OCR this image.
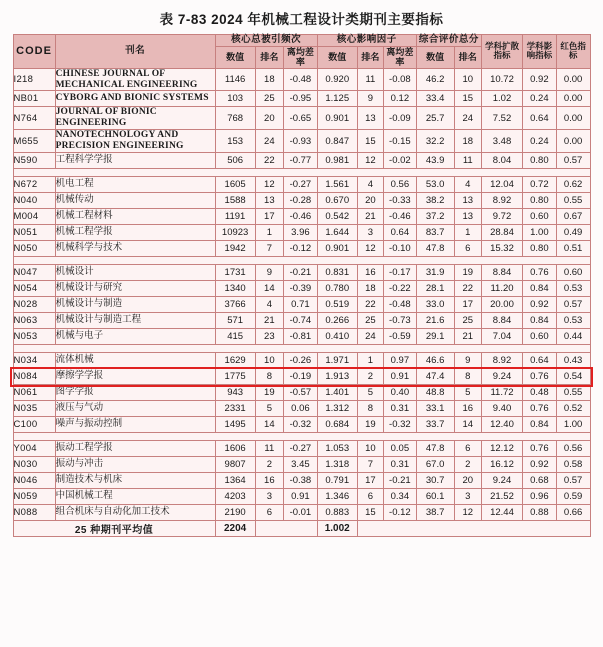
表 7-83 2024 年机械工程设计类期刊主要指标
CODE	刊名	核心总被引频次			核心影响因子			综合评价总分		学科扩散指标	学科影响指标	红色指标
		数值	排名	离均差率	数值	排名	离均差率	数值	排名			
I218	CHINESE JOURNAL OF MECHANICAL ENGINEERING	1146	18	-0.48	0.920	11	-0.08	46.2	10	10.72	0.92	0.00
NB01	CYBORG AND BIONIC SYSTEMS	103	25	-0.95	1.125	9	0.12	33.4	15	1.02	0.24	0.00
N764	JOURNAL OF BIONIC ENGINEERING	768	20	-0.65	0.901	13	-0.09	25.7	24	7.52	0.64	0.00
M655	NANOTECHNOLOGY AND PRECISION ENGINEERING	153	24	-0.93	0.847	15	-0.15	32.2	18	3.48	0.24	0.00
N590	工程科学学报	506	22	-0.77	0.981	12	-0.02	43.9	11	8.04	0.80	0.57

N672	机电工程	1605	12	-0.27	1.561	4	0.56	53.0	4	12.04	0.72	0.62
N040	机械传动	1588	13	-0.28	0.670	20	-0.33	38.2	13	8.92	0.80	0.55
M004	机械工程材料	1191	17	-0.46	0.542	21	-0.46	37.2	13	9.72	0.60	0.67
N051	机械工程学报	10923	1	3.96	1.644	3	0.64	83.7	1	28.84	1.00	0.49
N050	机械科学与技术	1942	7	-0.12	0.901	12	-0.10	47.8	6	15.32	0.80	0.51

N047	机械设计	1731	9	-0.21	0.831	16	-0.17	31.9	19	8.84	0.76	0.60
N054	机械设计与研究	1340	14	-0.39	0.780	18	-0.22	28.1	22	11.20	0.84	0.53
N028	机械设计与制造	3766	4	0.71	0.519	22	-0.48	33.0	17	20.00	0.92	0.57
N063	机械设计与制造工程	571	21	-0.74	0.266	25	-0.73	21.6	25	8.84	0.84	0.53
N053	机械与电子	415	23	-0.81	0.410	24	-0.59	29.1	21	7.04	0.60	0.44

N034	流体机械	1629	10	-0.26	1.971	1	0.97	46.6	9	8.92	0.64	0.43
N084	摩擦学学报	1775	8	-0.19	1.913	2	0.91	47.4	8	9.24	0.76	0.54
N061	图学学报	943	19	-0.57	1.401	5	0.40	48.8	5	11.72	0.48	0.55
N035	液压与气动	2331	5	0.06	1.312	8	0.31	33.1	16	9.40	0.76	0.52
C100	噪声与振动控制	1495	14	-0.32	0.684	19	-0.32	33.7	14	12.40	0.84	1.00

Y004	振动工程学报	1606	11	-0.27	1.053	10	0.05	47.8	6	12.12	0.76	0.56
N030	振动与冲击	9807	2	3.45	1.318	7	0.31	67.0	2	16.12	0.92	0.58
N046	制造技术与机床	1364	16	-0.38	0.791	17	-0.21	30.7	20	9.24	0.68	0.57
N059	中国机械工程	4203	3	0.91	1.346	6	0.34	60.1	3	21.52	0.96	0.59
N088	组合机床与自动化加工技术	2190	6	-0.01	0.883	15	-0.12	38.7	12	12.44	0.88	0.66
25 种期刊平均值		2204			1.002							
